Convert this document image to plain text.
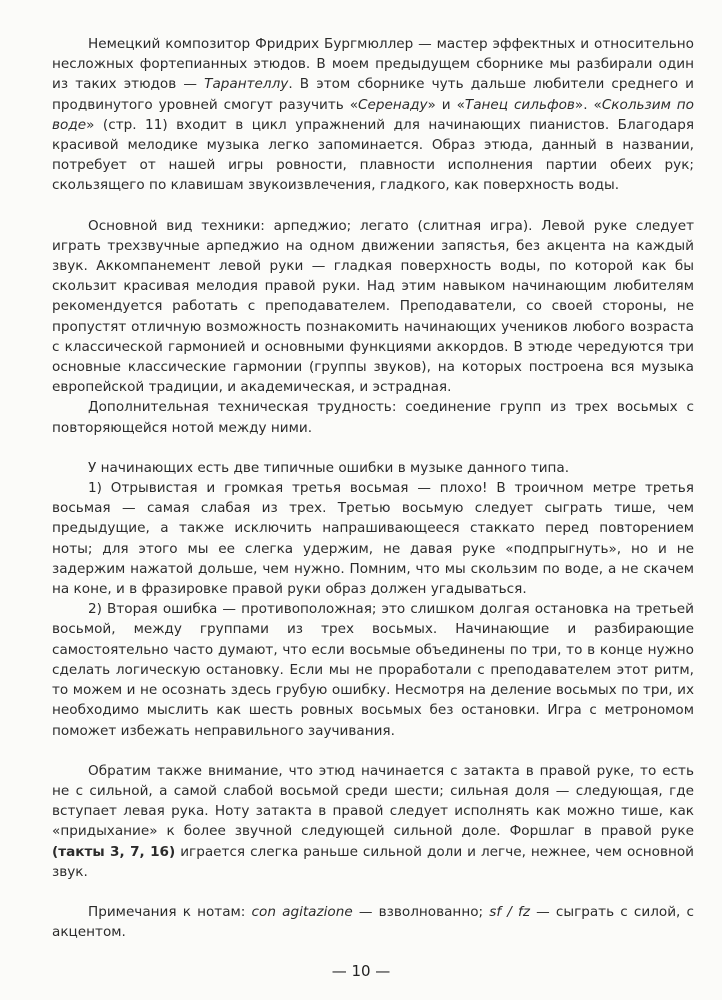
Немецкий композитор Фридрих Бургмюллер — мастер эффектных и относительно несложных фортепианных этюдов. В моем предыдущем сборнике мы разбирали один из таких этюдов — Тарантеллу. В этом сборнике чуть дальше любители среднего и продвинутого уровней смогут разучить «Серенаду» и «Танец сильфов». «Скользим по воде» (стр. 11) входит в цикл упражнений для начинающих пианистов. Благодаря красивой мелодике музыка легко запоминается. Образ этюда, данный в названии, потребует от нашей игры ровности, плавности исполнения партии обеих рук; скользящего по клавишам звукоизвлечения, гладкого, как поверхность воды.

Основной вид техники: арпеджио; легато (слитная игра). Левой руке следует играть трехзвучные арпеджио на одном движении запястья, без акцента на каждый звук. Аккомпанемент левой руки — гладкая поверхность воды, по которой как бы скользит красивая мелодия правой руки. Над этим навыком начинающим любителям рекомендуется работать с преподавателем. Преподаватели, со своей стороны, не пропустят отличную возможность познакомить начинающих учеников любого возраста с классической гармонией и основными функциями аккордов. В этюде чередуются три основные классические гармонии (группы звуков), на которых построена вся музыка европейской традиции, и академическая, и эстрадная.

Дополнительная техническая трудность: соединение групп из трех восьмых с повторяющейся нотой между ними.

У начинающих есть две типичные ошибки в музыке данного типа.

1) Отрывистая и громкая третья восьмая — плохо! В троичном метре третья восьмая — самая слабая из трех. Третью восьмую следует сыграть тише, чем предыдущие, а также исключить напрашивающееся стаккато перед повторением ноты; для этого мы ее слегка удержим, не давая руке «подпрыгнуть», но и не задержим нажатой дольше, чем нужно. Помним, что мы скользим по воде, а не скачем на коне, и в фразировке правой руки образ должен угадываться.

2) Вторая ошибка — противоположная; это слишком долгая остановка на третьей восьмой, между группами из трех восьмых. Начинающие и разбирающие самостоятельно часто думают, что если восьмые объединены по три, то в конце нужно сделать логическую остановку. Если мы не проработали с преподавателем этот ритм, то можем и не осознать здесь грубую ошибку. Несмотря на деление восьмых по три, их необходимо мыслить как шесть ровных восьмых без остановки. Игра с метрономом поможет избежать неправильного заучивания.

Обратим также внимание, что этюд начинается с затакта в правой руке, то есть не с сильной, а самой слабой восьмой среди шести; сильная доля — следующая, где вступает левая рука. Ноту затакта в правой следует исполнять как можно тише, как «придыхание» к более звучной следующей сильной доле. Форшлаг в правой руке (такты 3, 7, 16) играется слегка раньше сильной доли и легче, нежнее, чем основной звук.

Примечания к нотам: con agitazione — взволнованно; sf / fz — сыграть с силой, с акцентом.

— 10 —
